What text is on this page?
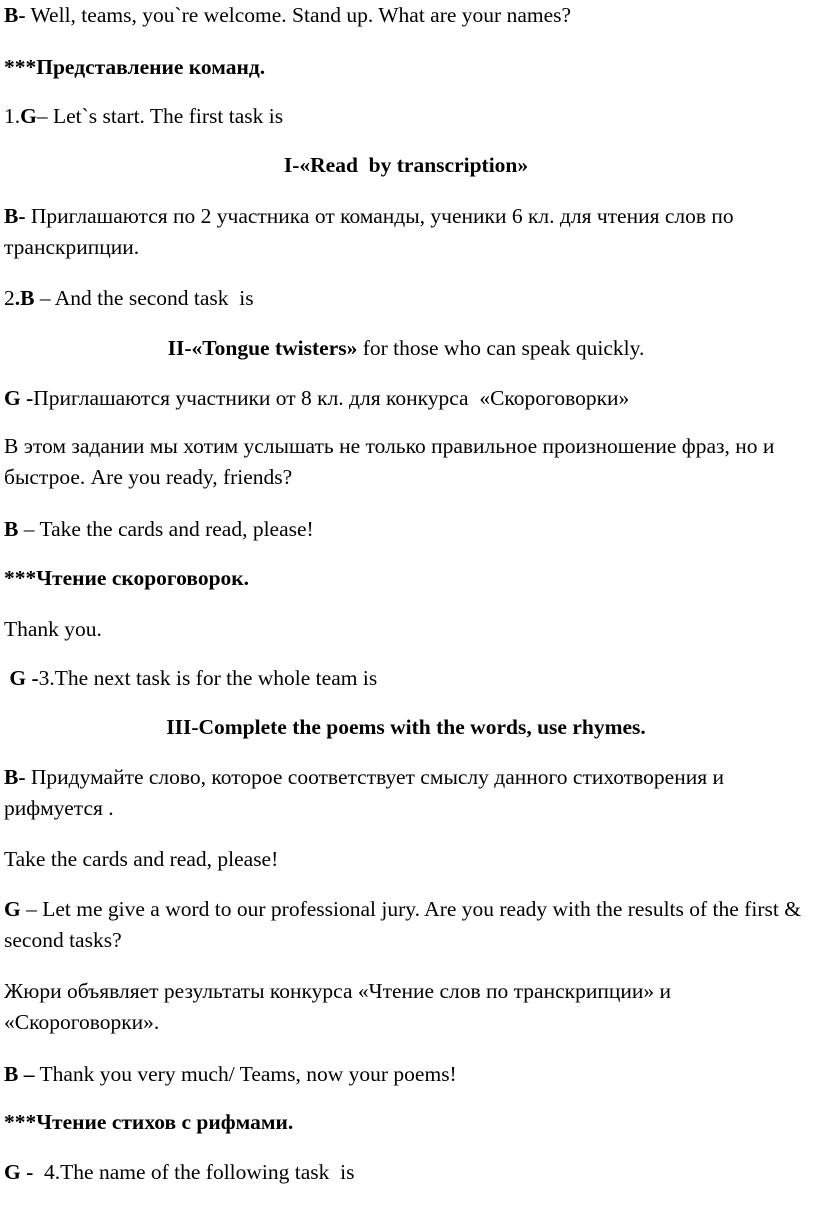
B- Well, teams, you`re welcome. Stand up. What are your names?
***Представление команд.
1.G– Let`s start. The first task is
I-«Read  by transcription»
B- Приглашаются по 2 участника от команды, ученики 6 кл. для чтения слов по транскрипции.
2.B – And the second task  is
II-«Tongue twisters» for those who can speak quickly.
G -Приглашаются участники от 8 кл. для конкурса  «Скороговорки»
В этом задании мы хотим услышать не только правильное произношение фраз, но и быстрое. Are you ready, friends?
B – Take the cards and read, please!
***Чтение скороговорок.
Thank you.
G -3.The next task is for the whole team is
III-Complete the poems with the words, use rhymes.
B- Придумайте слово, которое соответствует смыслу данного стихотворения и рифмуется .
Take the cards and read, please!
G – Let me give a word to our professional jury. Are you ready with the results of the first & second tasks?
Жюри объявляет результаты конкурса «Чтение слов по транскрипции» и «Скороговорки».
B – Thank you very much/ Teams, now your poems!
***Чтение стихов с рифмами.
G -  4.The name of the following task  is
